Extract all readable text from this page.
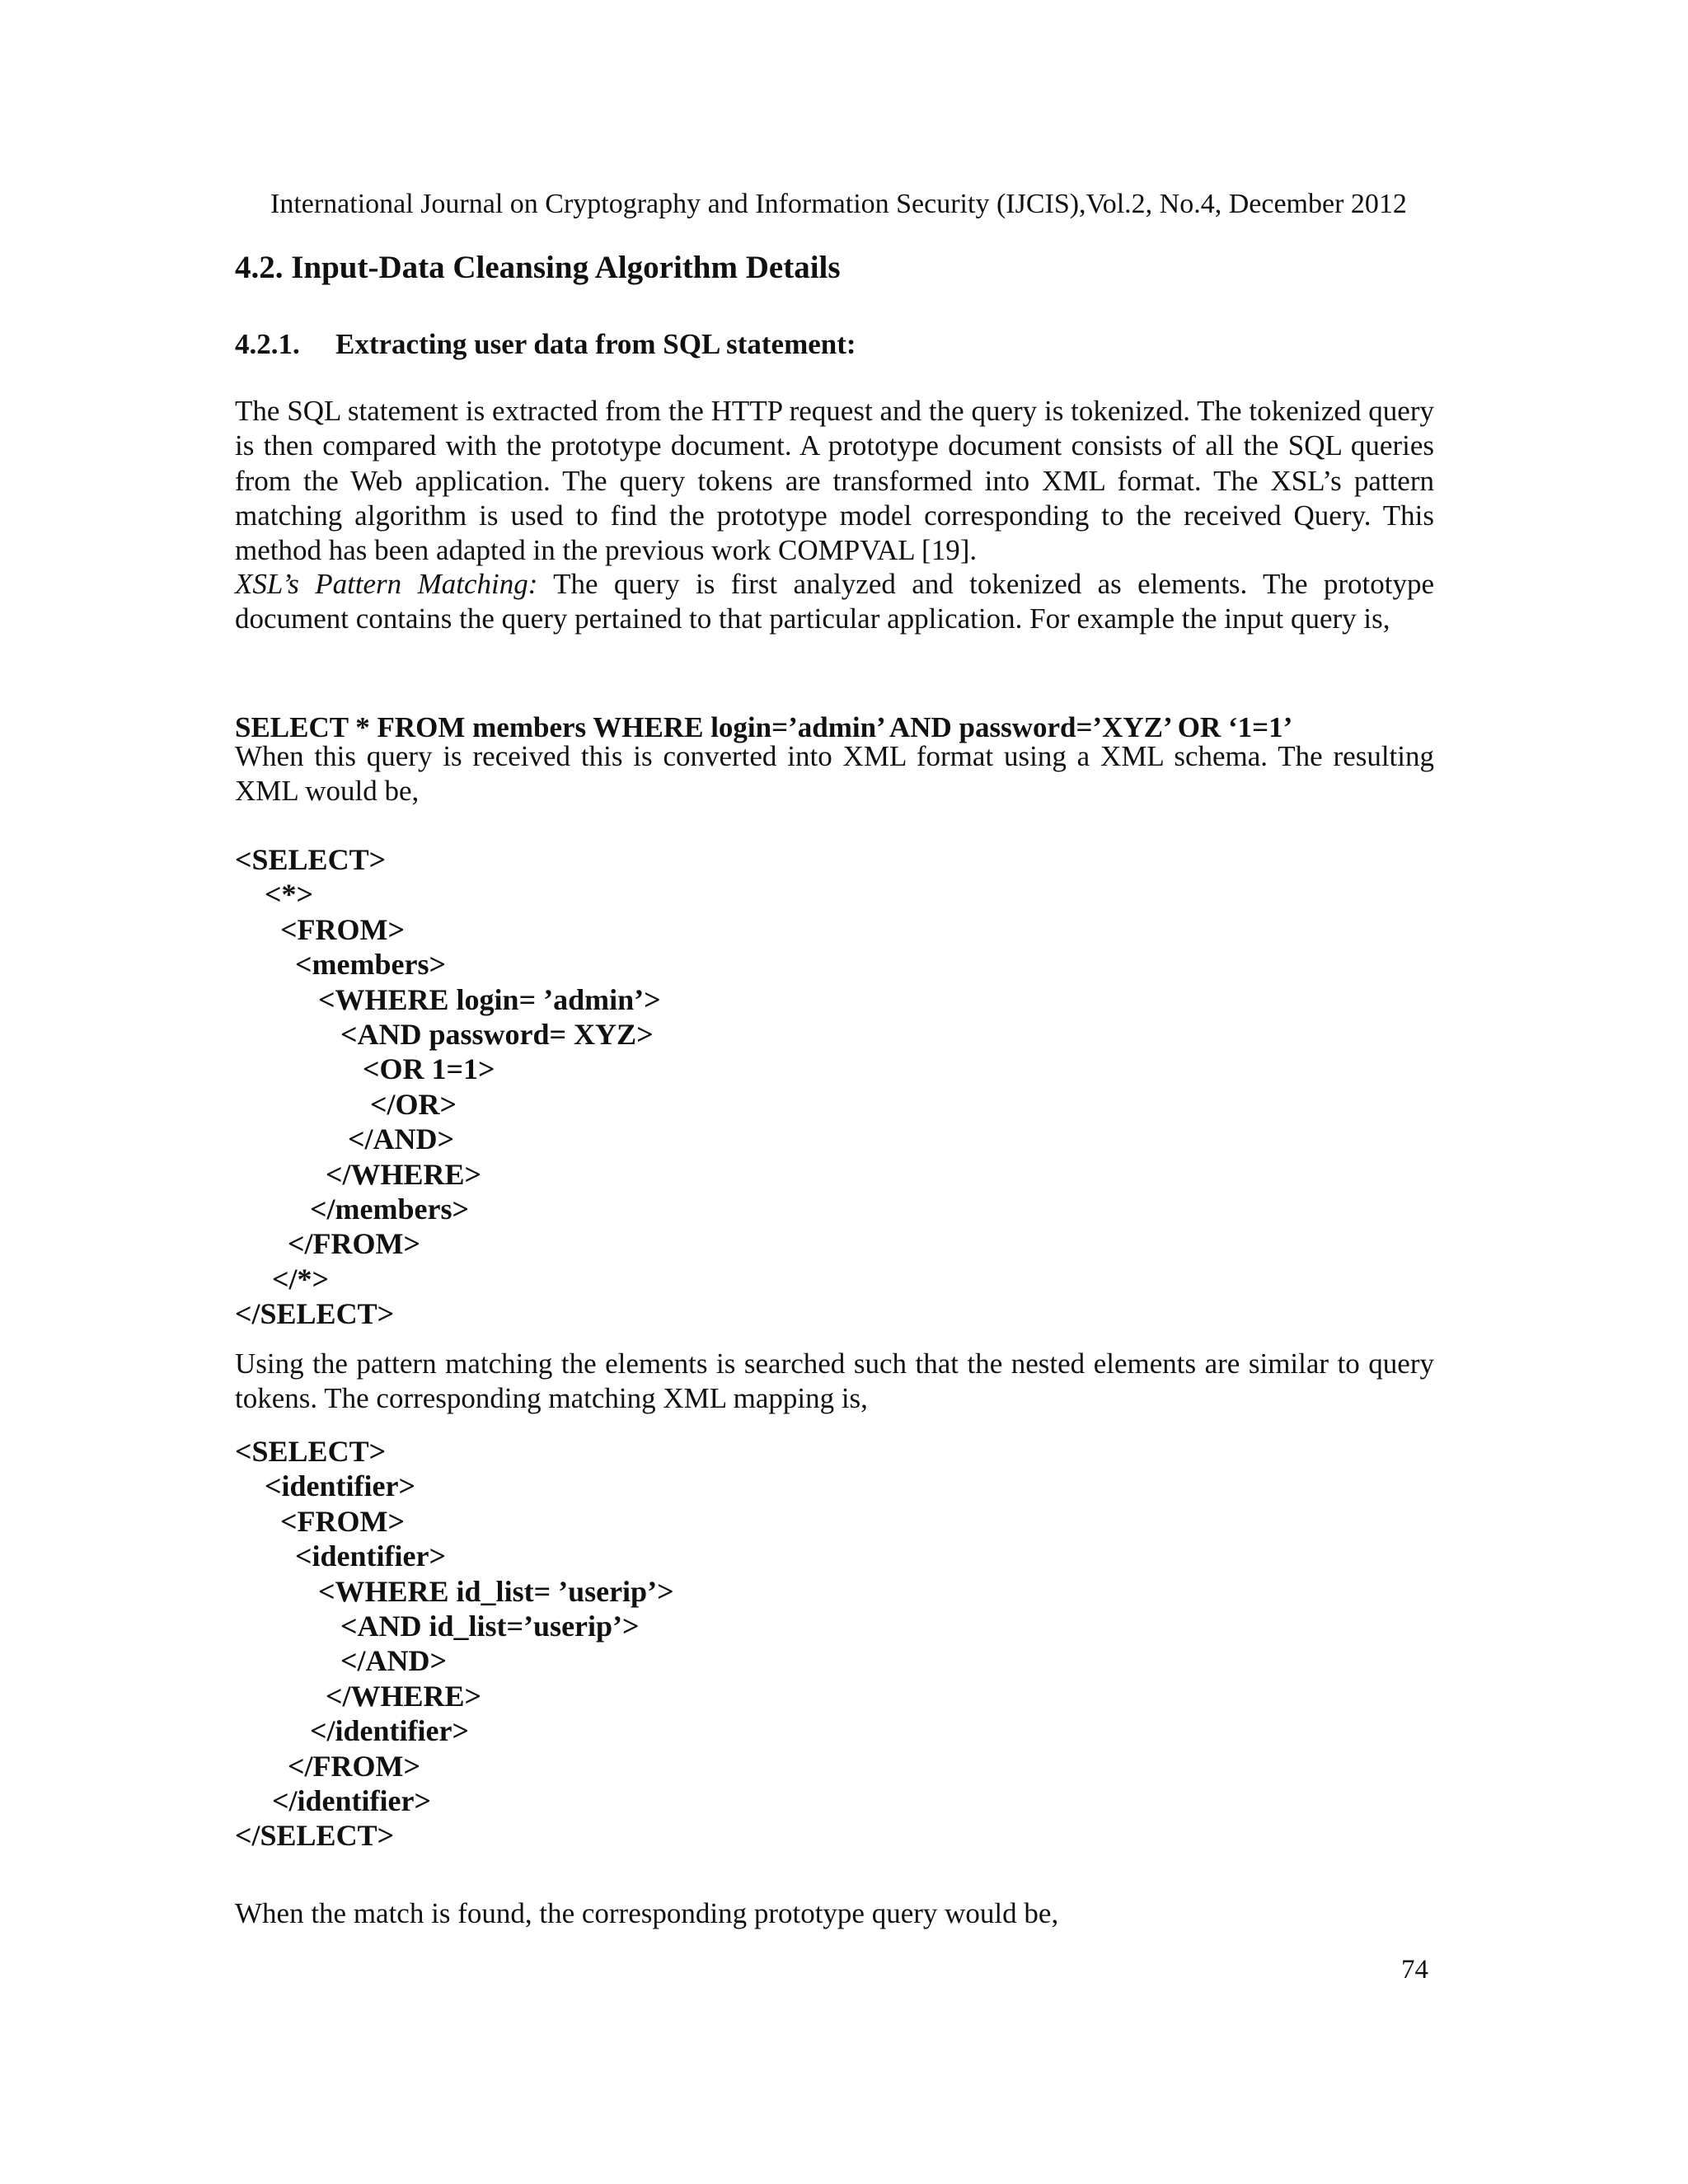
International Journal on Cryptography and Information Security (IJCIS),Vol.2, No.4, December 2012
4.2. Input-Data Cleansing Algorithm Details
4.2.1. Extracting user data from SQL statement:

The SQL statement is extracted from the HTTP request and the query is tokenized. The tokenized query is then compared with the prototype document. A prototype document consists of all the SQL queries from the Web application. The query tokens are transformed into XML format. The XSL’s pattern matching algorithm is used to find the prototype model corresponding to the received Query. This method has been adapted in the previous work COMPVAL [19].

XSL’s Pattern Matching: The query is first analyzed and tokenized as elements. The prototype document contains the query pertained to that particular application. For example the input query is,

SELECT * FROM members WHERE login=’admin’ AND password=’XYZ’ OR ‘1=1’

When this query is received this is converted into XML format using a XML schema. The resulting XML would be,

<SELECT>
<*>
<FROM>
<members>
<WHERE login= ’admin’>
<AND password= XYZ>
<OR 1=1>
</OR>
</AND>
</WHERE>
</members>
</FROM>
</*>
</SELECT>

Using the pattern matching the elements is searched such that the nested elements are similar to query tokens. The corresponding matching XML mapping is,

<SELECT>
<identifier>
<FROM>
<identifier>
<WHERE id_list= ’userip’>
<AND id_list=’userip’>
</AND>
</WHERE>
</identifier>
</FROM>
</identifier>
</SELECT>

When the match is found, the corresponding prototype query would be,

74
